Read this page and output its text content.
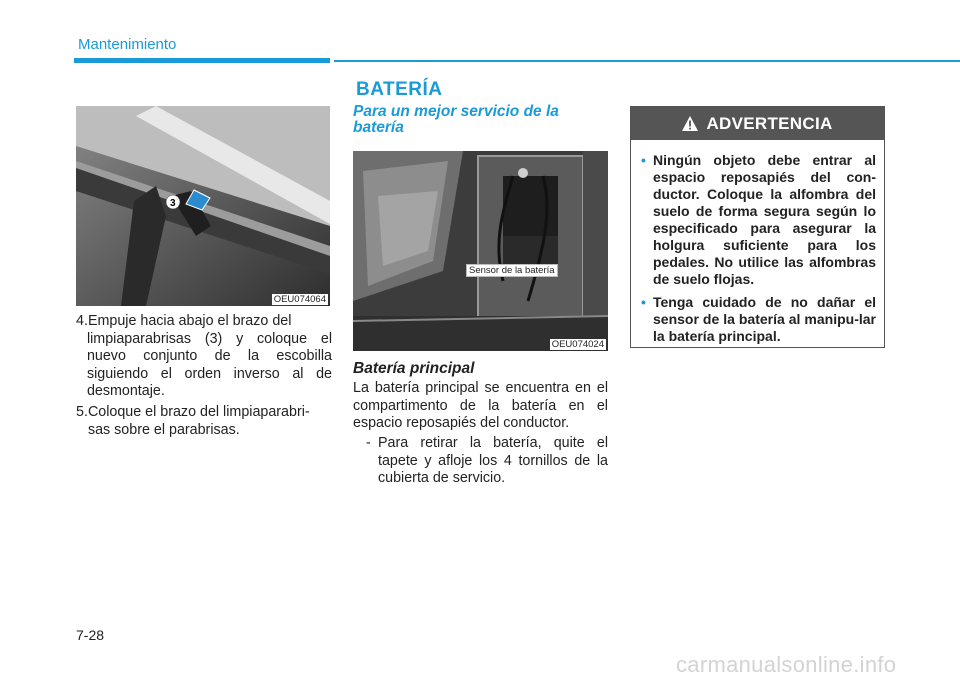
Mantenimiento
BATERÍA
3
OEU074064
4. Empuje hacia abajo el brazo del
limpiaparabrisas (3) y coloque el nuevo conjunto de la escobilla siguiendo el orden inverso al de desmontaje.
5. Coloque el brazo del limpiaparabri-
sas sobre el parabrisas.
Para un mejor servicio de la batería
Sensor de la batería
OEU074024
Batería principal
La batería principal se encuentra en el compartimento de la batería en el espacio reposapiés del conductor.
- Para retirar la batería, quite el tapete y afloje los 4 tornillos de la cubierta de servicio.
ADVERTENCIA
• Ningún objeto debe entrar al espacio reposapiés del con-ductor. Coloque la alfombra del suelo de forma segura según lo especificado para asegurar la holgura suficiente para los pedales. No utilice las alfombras de suelo flojas.
• Tenga cuidado de no dañar el sensor de la batería al manipu-lar la batería principal.
7-28
carmanualsonline.info
